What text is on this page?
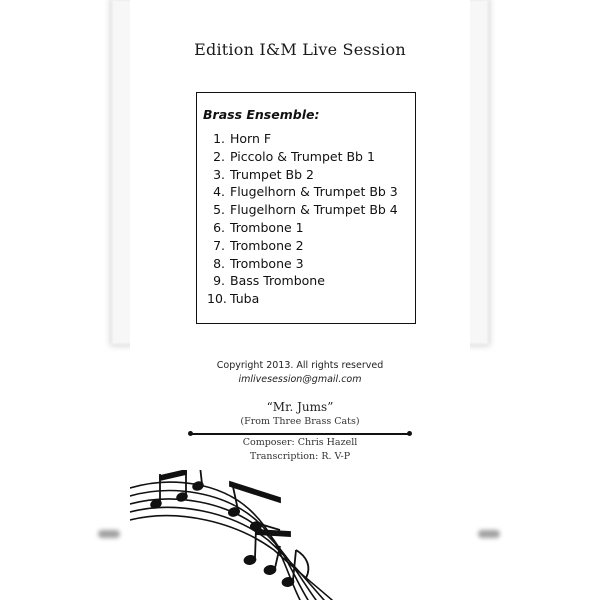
Edition I&M Live Session
Brass Ensemble:
1. Horn F
2. Piccolo & Trumpet Bb 1
3. Trumpet Bb 2
4. Flugelhorn & Trumpet Bb 3
5. Flugelhorn & Trumpet Bb 4
6. Trombone 1
7. Trombone 2
8. Trombone 3
9. Bass Trombone
10. Tuba
Copyright 2013. All rights reserved
imlivesession@gmail.com
“Mr. Jums”
(From Three Brass Cats)
Composer: Chris Hazell
Transcription: R. V-P
